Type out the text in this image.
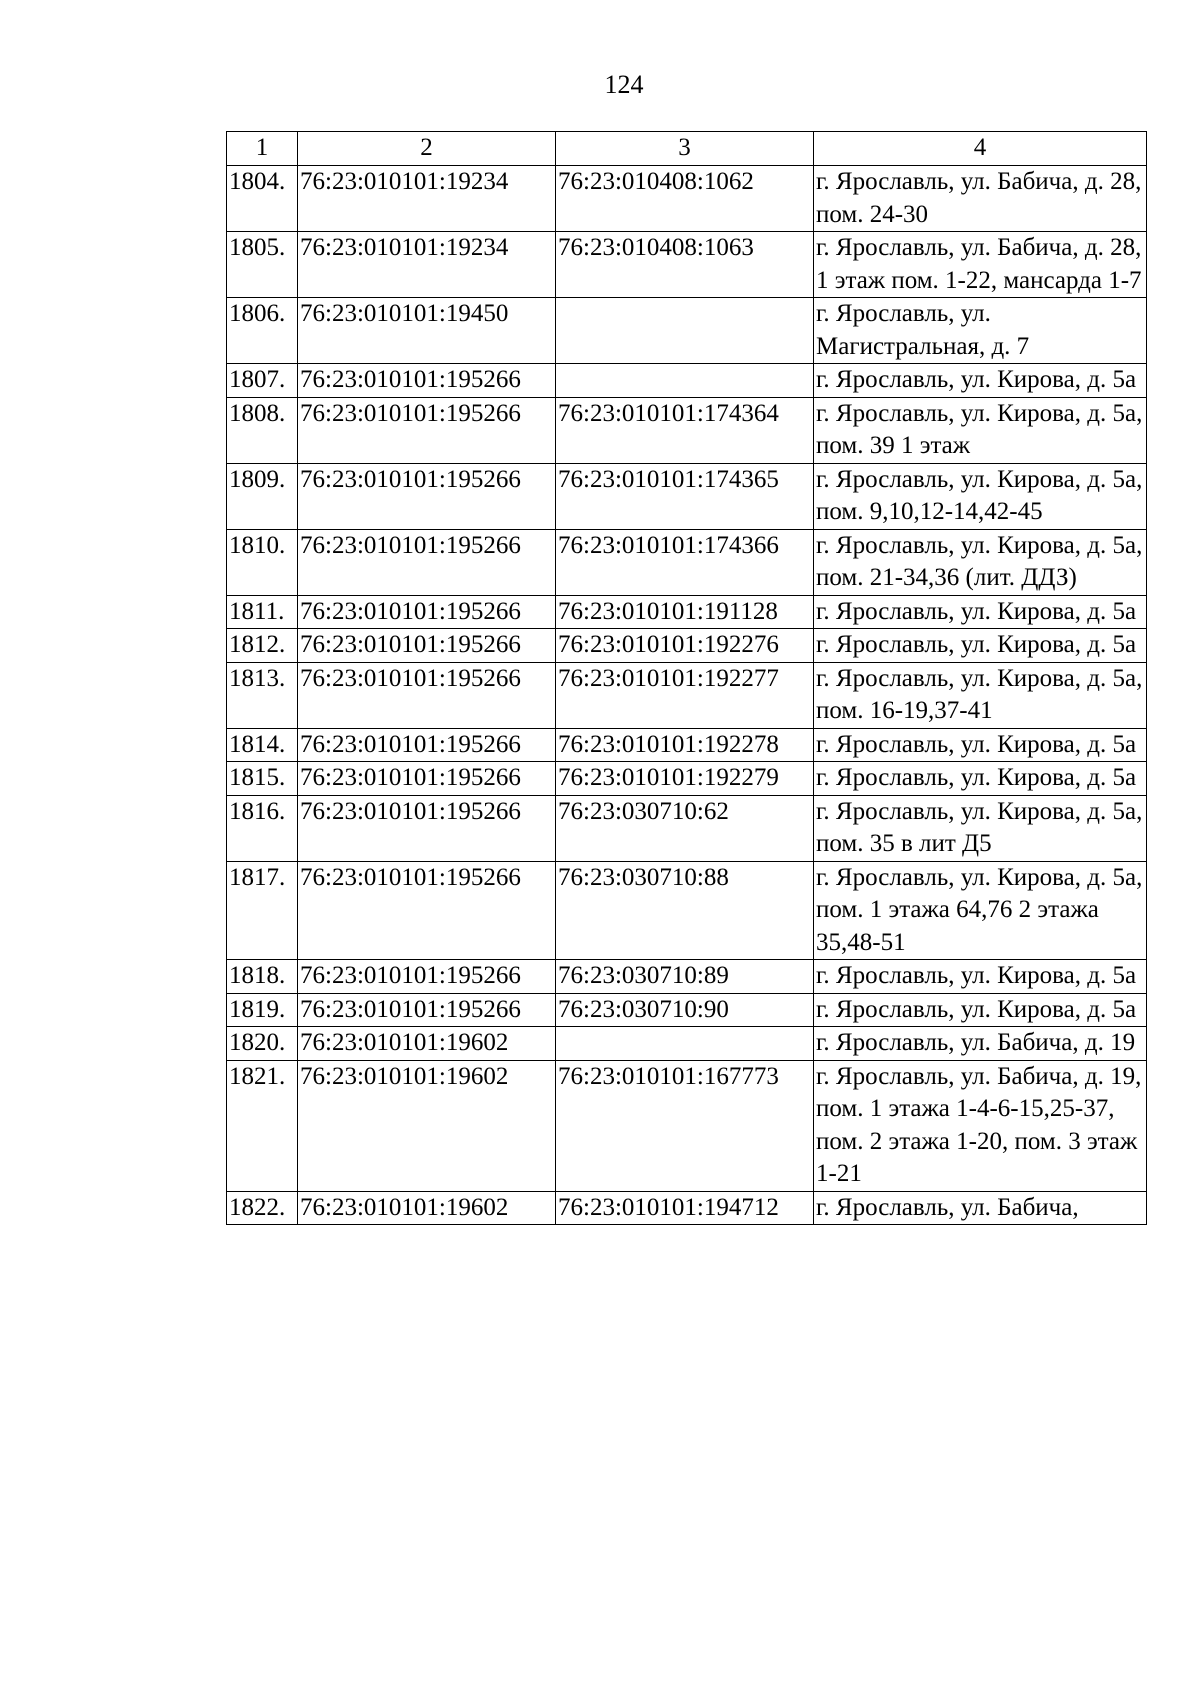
124
1	2	3	4
1804.	76:23:010101:19234	76:23:010408:1062	г. Ярославль, ул. Бабича, д. 28, пом. 24-30
1805.	76:23:010101:19234	76:23:010408:1063	г. Ярославль, ул. Бабича, д. 28, 1 этаж пом. 1-22, мансарда 1-7
1806.	76:23:010101:19450		г. Ярославль, ул. Магистральная, д. 7
1807.	76:23:010101:195266		г. Ярославль, ул. Кирова, д. 5а
1808.	76:23:010101:195266	76:23:010101:174364	г. Ярославль, ул. Кирова, д. 5а, пом. 39 1 этаж
1809.	76:23:010101:195266	76:23:010101:174365	г. Ярославль, ул. Кирова, д. 5а, пом. 9,10,12-14,42-45
1810.	76:23:010101:195266	76:23:010101:174366	г. Ярославль, ул. Кирова, д. 5а, пом. 21-34,36 (лит. ДДЗ)
1811.	76:23:010101:195266	76:23:010101:191128	г. Ярославль, ул. Кирова, д. 5а
1812.	76:23:010101:195266	76:23:010101:192276	г. Ярославль, ул. Кирова, д. 5а
1813.	76:23:010101:195266	76:23:010101:192277	г. Ярославль, ул. Кирова, д. 5а, пом. 16-19,37-41
1814.	76:23:010101:195266	76:23:010101:192278	г. Ярославль, ул. Кирова, д. 5а
1815.	76:23:010101:195266	76:23:010101:192279	г. Ярославль, ул. Кирова, д. 5а
1816.	76:23:010101:195266	76:23:030710:62	г. Ярославль, ул. Кирова, д. 5а, пом. 35 в лит Д5
1817.	76:23:010101:195266	76:23:030710:88	г. Ярославль, ул. Кирова, д. 5а, пом. 1 этажа 64,76 2 этажа 35,48-51
1818.	76:23:010101:195266	76:23:030710:89	г. Ярославль, ул. Кирова, д. 5а
1819.	76:23:010101:195266	76:23:030710:90	г. Ярославль, ул. Кирова, д. 5а
1820.	76:23:010101:19602		г. Ярославль, ул. Бабича, д. 19
1821.	76:23:010101:19602	76:23:010101:167773	г. Ярославль, ул. Бабича, д. 19, пом. 1 этажа 1-4-6-15,25-37, пом. 2 этажа 1-20, пом. 3 этаж 1-21
1822.	76:23:010101:19602	76:23:010101:194712	г. Ярославль, ул. Бабича,
